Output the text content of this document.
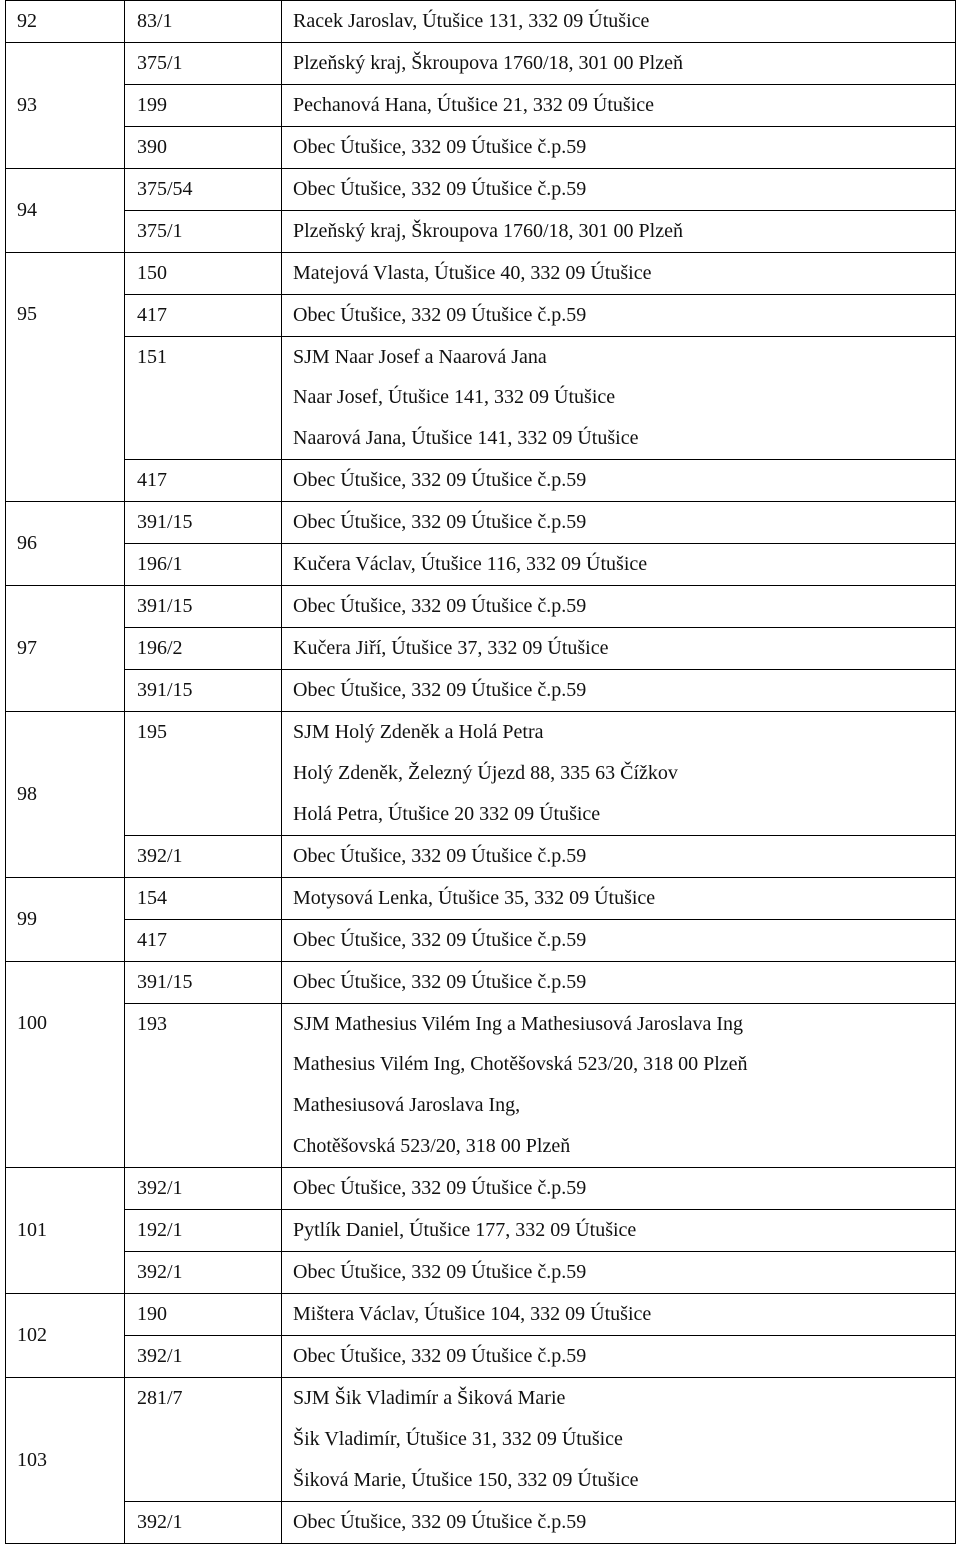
92	83/1	Racek Jaroslav, Útušice 131, 332 09 Útušice

93	375/1	Plzeňský kraj, Škroupova 1760/18, 301 00 Plzeň

	199	Pechanová Hana, Útušice 21, 332 09 Útušice

	390	Obec Útušice, 332 09 Útušice č.p.59

94	375/54	Obec Útušice, 332 09 Útušice č.p.59

	375/1	Plzeňský kraj, Škroupova 1760/18, 301 00 Plzeň

95	150	Matejová Vlasta, Útušice 40, 332 09 Útušice

	417	Obec Útušice, 332 09 Útušice č.p.59

	151	SJM Naar Josef a Naarová Jana
Naar Josef, Útušice 141, 332 09 Útušice
Naarová Jana, Útušice 141, 332 09 Útušice

	417	Obec Útušice, 332 09 Útušice č.p.59

96	391/15	Obec Útušice, 332 09 Útušice č.p.59

	196/1	Kučera Václav, Útušice 116, 332 09 Útušice

97	391/15	Obec Útušice, 332 09 Útušice č.p.59

	196/2	Kučera Jiří, Útušice 37, 332 09 Útušice

	391/15	Obec Útušice, 332 09 Útušice č.p.59

98	195	SJM Holý Zdeněk a Holá Petra
Holý Zdeněk, Železný Újezd 88, 335 63 Čížkov
Holá Petra, Útušice 20 332 09 Útušice

	392/1	Obec Útušice, 332 09 Útušice č.p.59

99	154	Motysová Lenka, Útušice 35, 332 09 Útušice

	417	Obec Útušice, 332 09 Útušice č.p.59

100	391/15	Obec Útušice, 332 09 Útušice č.p.59

	193	SJM Mathesius Vilém Ing a Mathesiusová Jaroslava Ing
Mathesius Vilém Ing, Chotěšovská 523/20, 318 00 Plzeň
Mathesiusová Jaroslava Ing,
Chotěšovská 523/20, 318 00 Plzeň

101	392/1	Obec Útušice, 332 09 Útušice č.p.59

	192/1	Pytlík Daniel, Útušice 177, 332 09 Útušice

	392/1	Obec Útušice, 332 09 Útušice č.p.59

102	190	Mištera Václav, Útušice 104, 332 09 Útušice

	392/1	Obec Útušice, 332 09 Útušice č.p.59

103	281/7	SJM Šik Vladimír a Šiková Marie
Šik Vladimír, Útušice 31, 332 09 Útušice
Šiková Marie, Útušice 150, 332 09 Útušice

	392/1	Obec Útušice, 332 09 Útušice č.p.59
